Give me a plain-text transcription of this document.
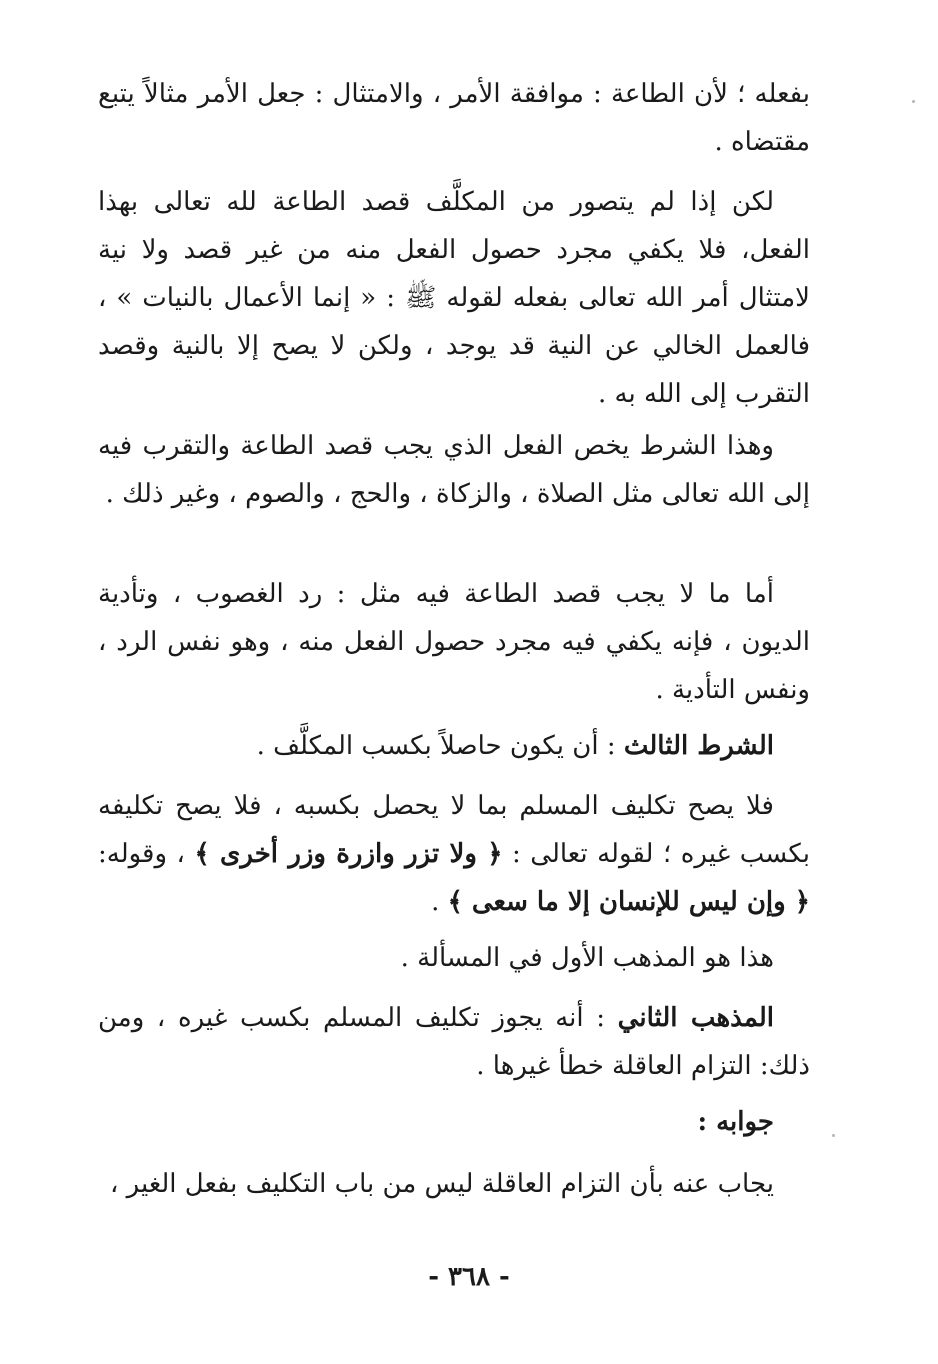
بفعله ؛ لأن الطاعة : موافقة الأمر ، والامتثال : جعل الأمر مثالاً يتبع مقتضاه .

لكن إذا لم يتصور من المكلَّف قصد الطاعة لله تعالى بهذا الفعل، فلا يكفي مجرد حصول الفعل منه من غير قصد ولا نية لامتثال أمر الله تعالى بفعله لقوله ﷺ : « إنما الأعمال بالنيات » ، فالعمل الخالي عن النية قد يوجد ، ولكن لا يصح إلا بالنية وقصد التقرب إلى الله به .

وهذا الشرط يخص الفعل الذي يجب قصد الطاعة والتقرب فيه إلى الله تعالى مثل الصلاة ، والزكاة ، والحج ، والصوم ، وغير ذلك .

أما ما لا يجب قصد الطاعة فيه مثل : رد الغصوب ، وتأدية الديون ، فإنه يكفي فيه مجرد حصول الفعل منه ، وهو نفس الرد ، ونفس التأدية .

الشرط الثالث : أن يكون حاصلاً بكسب المكلَّف .

فلا يصح تكليف المسلم بما لا يحصل بكسبه ، فلا يصح تكليفه بكسب غيره ؛ لقوله تعالى : ﴿ ولا تزر وازرة وزر أخرى ﴾ ، وقوله: ﴿ وإن ليس للإنسان إلا ما سعى ﴾ .

هذا هو المذهب الأول في المسألة .

المذهب الثاني : أنه يجوز تكليف المسلم بكسب غيره ، ومن ذلك: التزام العاقلة خطأ غيرها .

جوابه :

يجاب عنه بأن التزام العاقلة ليس من باب التكليف بفعل الغير ،

- ٣٦٨ -
